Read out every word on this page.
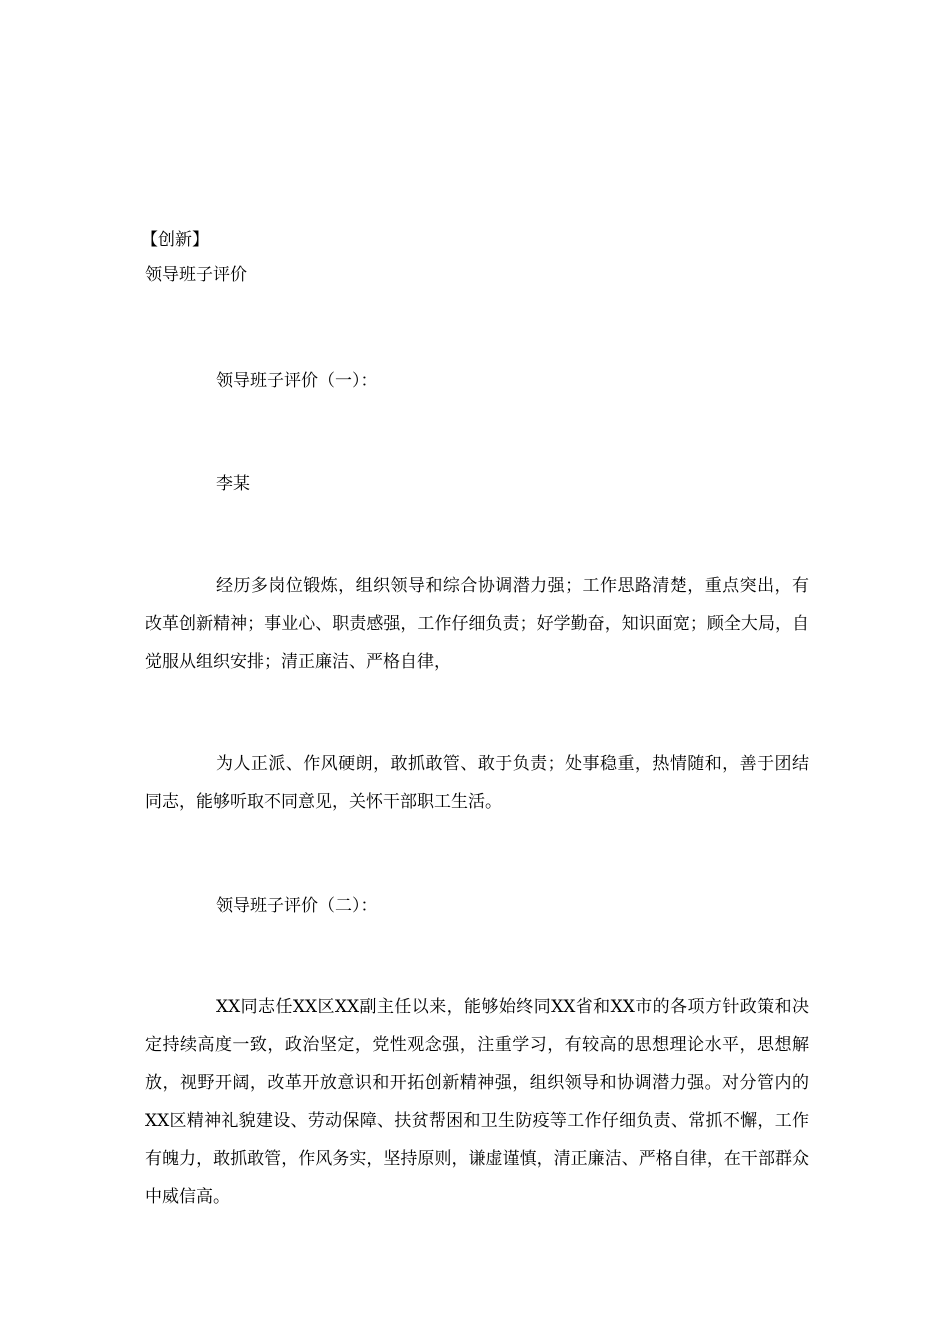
【创新】
领导班子评价
领导班子评价（一）：
李某

经历多岗位锻炼，组织领导和综合协调潜力强；工作思路清楚，重点突出，有改革创新精神；事业心、职责感强，工作仔细负责；好学勤奋，知识面宽；顾全大局，自觉服从组织安排；清正廉洁、严格自律，

为人正派、作风硬朗，敢抓敢管、敢于负责；处事稳重，热情随和，善于团结同志，能够听取不同意见，关怀干部职工生活。

领导班子评价（二）：

XX同志任XX区XX副主任以来，能够始终同XX省和XX市的各项方针政策和决定持续高度一致，政治坚定，党性观念强，注重学习，有较高的思想理论水平，思想解放，视野开阔，改革开放意识和开拓创新精神强，组织领导和协调潜力强。对分管内的XX区精神礼貌建设、劳动保障、扶贫帮困和卫生防疫等工作仔细负责、常抓不懈，工作有魄力，敢抓敢管，作风务实，坚持原则，谦虚谨慎，清正廉洁、严格自律，在干部群众中威信高。
